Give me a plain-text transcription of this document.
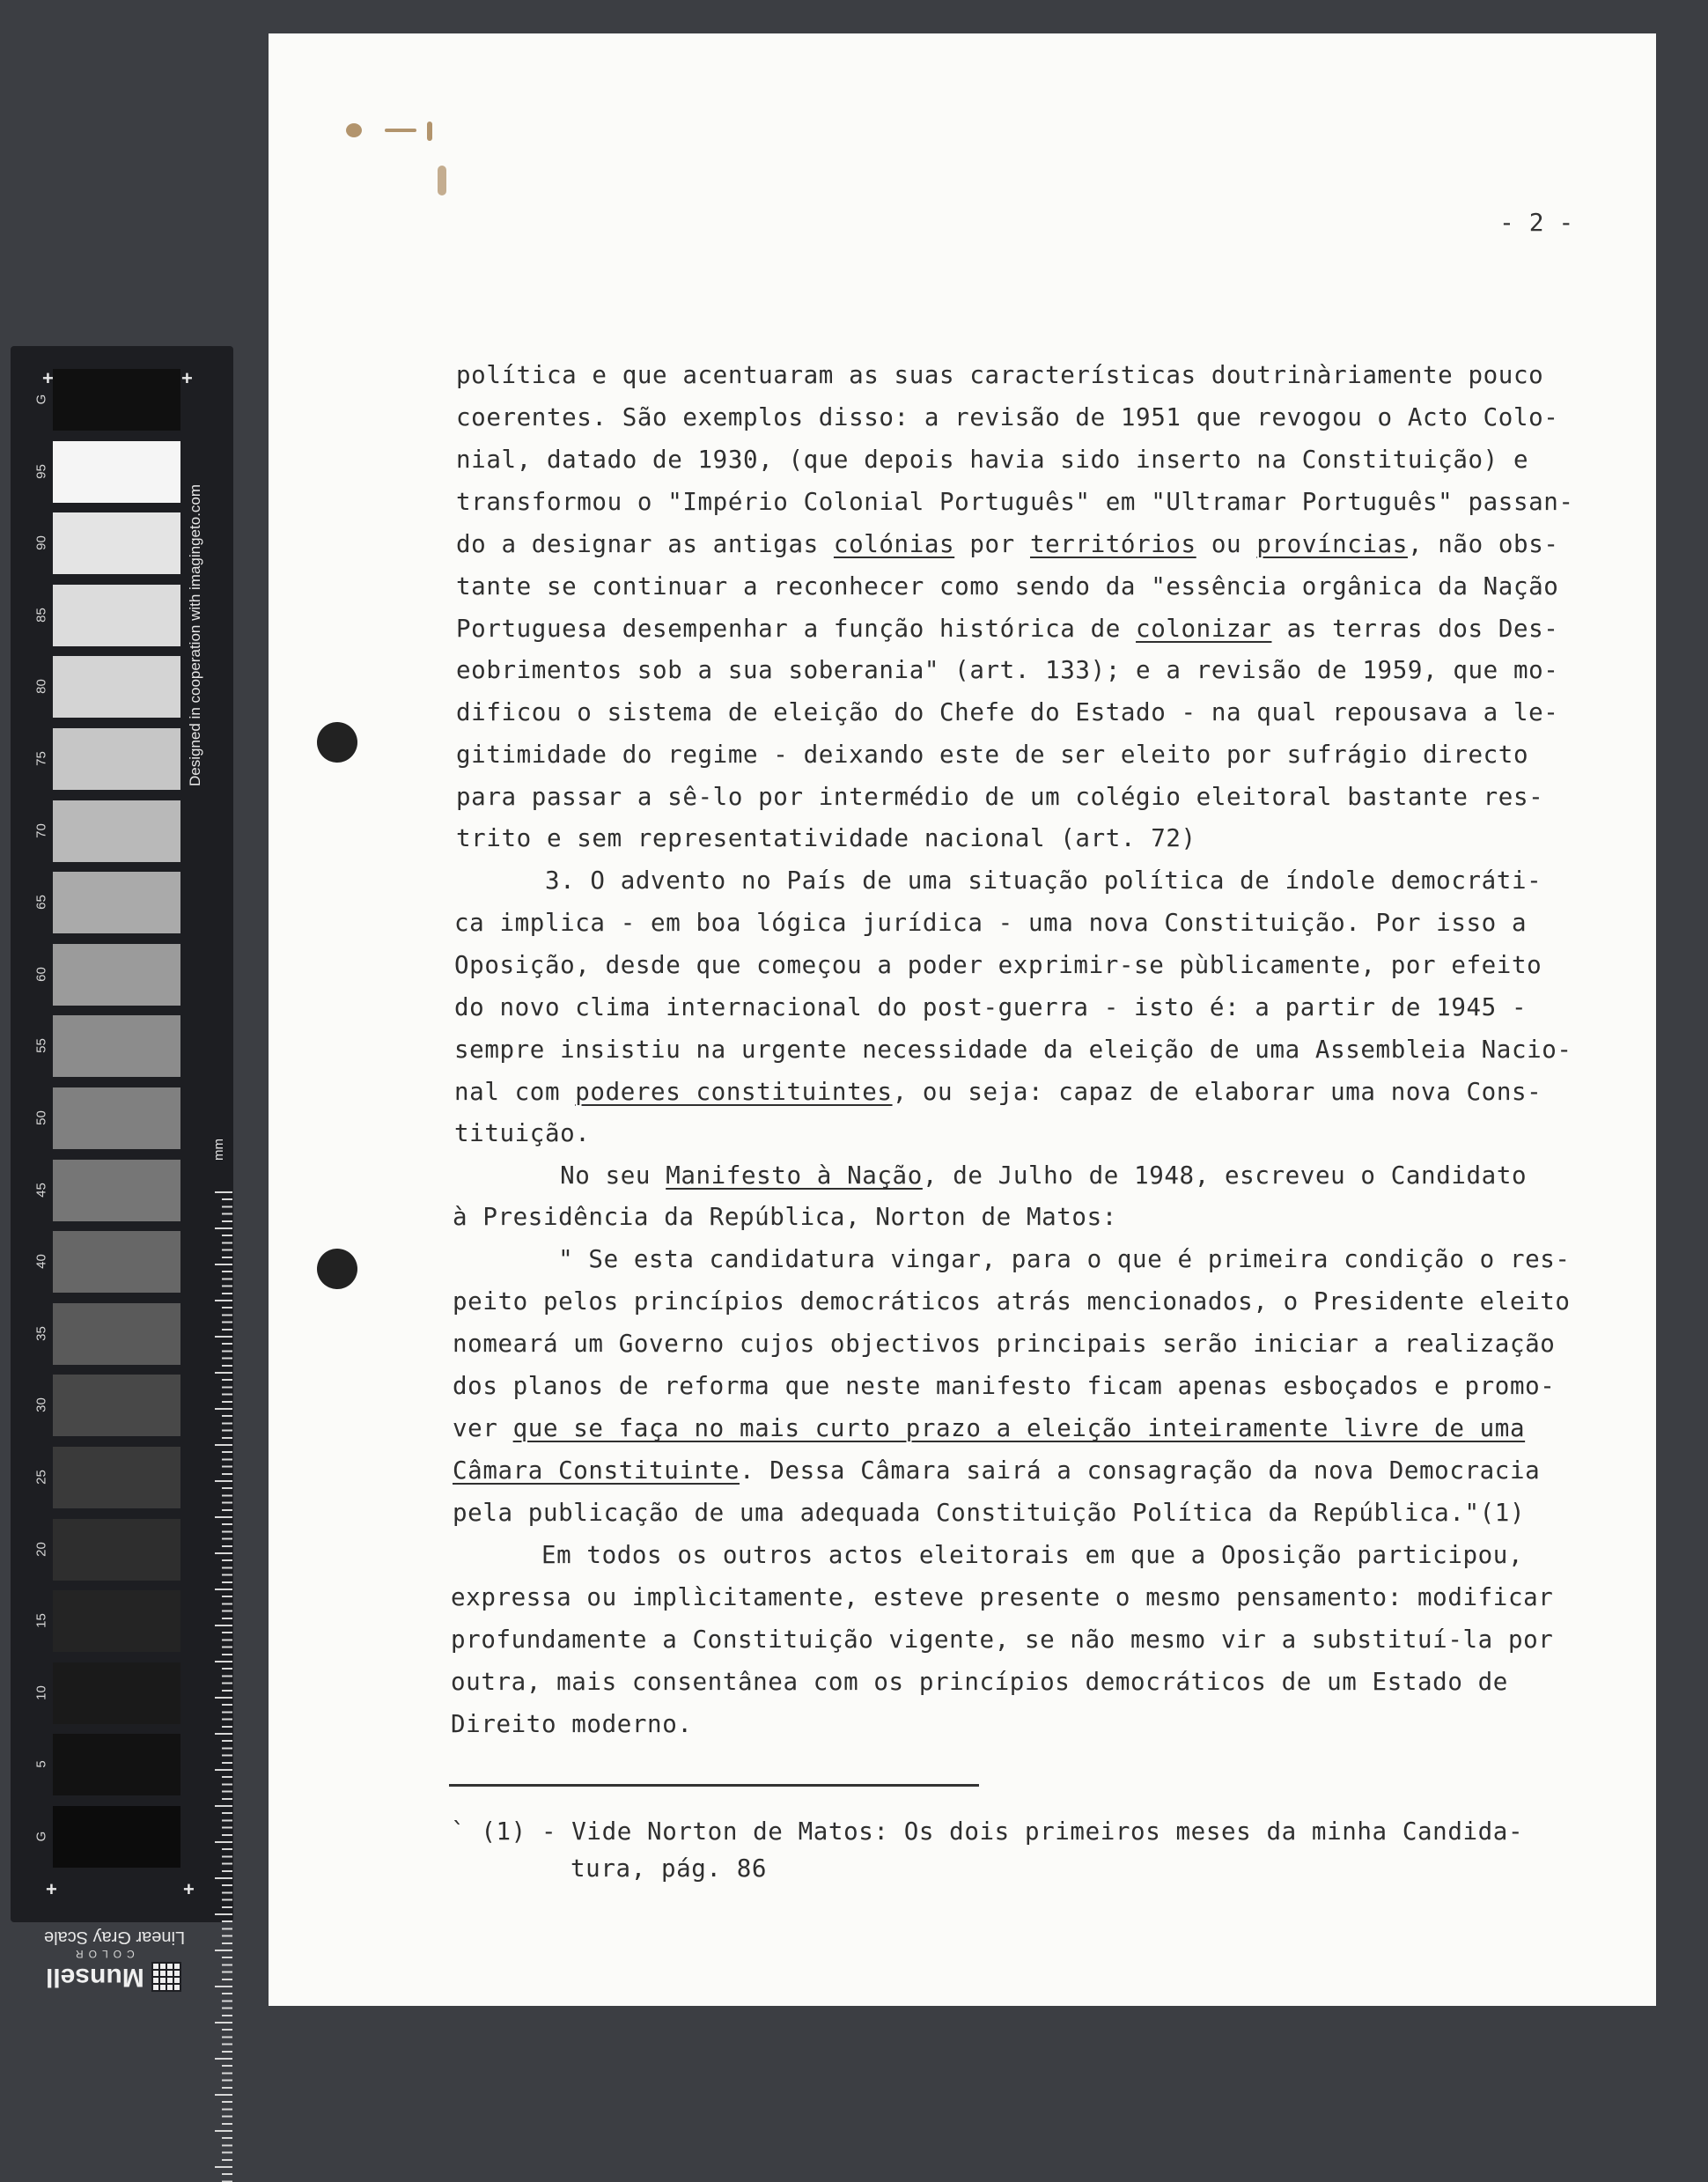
G
95
90
85
80
75
70
65
60
55
50
45
40
35
30
25
20
15
10
5
G
Designed in cooperation with imagingeto.com
mm
+	+
+	+
Linear Gray Scale
COLOR
Munsell
- 2 -
política e que acentuaram as suas características doutrinàriamente pouco
coerentes. São exemplos disso: a revisão de 1951 que revogou o Acto Colo-
nial, datado de 1930, (que depois havia sido inserto na Constituição) e
transformou o "Império Colonial Português" em "Ultramar Português" passan-
do a designar as antigas colónias por territórios ou províncias, não obs-
tante se continuar a reconhecer como sendo da "essência orgânica da Nação
Portuguesa desempenhar a função histórica de colonizar as terras dos Des-
eobrimentos sob a sua soberania" (art. 133); e a revisão de 1959, que mo-
dificou o sistema de eleição do Chefe do Estado - na qual repousava a le-
gitimidade do regime - deixando este de ser eleito por sufrágio directo
para passar a sê-lo por intermédio de um colégio eleitoral bastante res-
trito e sem representatividade nacional (art. 72)
3. O advento no País de uma situação política de índole democráti-
ca implica - em boa lógica jurídica - uma nova Constituição. Por isso a
Oposição, desde que começou a poder exprimir-se pùblicamente, por efeito
do novo clima internacional do post-guerra - isto é: a partir de 1945 -
sempre insistiu na urgente necessidade da eleição de uma Assembleia Nacio-
nal com poderes constituintes, ou seja: capaz de elaborar uma nova Cons-
tituição.
No seu Manifesto à Nação, de Julho de 1948, escreveu o Candidato
à Presidência da República, Norton de Matos:
" Se esta candidatura vingar, para o que é primeira condição o res-
peito pelos princípios democráticos atrás mencionados, o Presidente eleito
nomeará um Governo cujos objectivos principais serão iniciar a realização
dos planos de reforma que neste manifesto ficam apenas esboçados e promo-
ver que se faça no mais curto prazo a eleição inteiramente livre de uma
Câmara Constituinte. Dessa Câmara sairá a consagração da nova Democracia
pela publicação de uma adequada Constituição Política da República."(1)
Em todos os outros actos eleitorais em que a Oposição participou,
expressa ou implìcitamente, esteve presente o mesmo pensamento: modificar
profundamente a Constituição vigente, se não mesmo vir a substituí-la por
outra, mais consentânea com os princípios democráticos de um Estado de
Direito moderno.
` (1) - Vide Norton de Matos: Os dois primeiros meses da minha Candida-
tura, pág. 86
